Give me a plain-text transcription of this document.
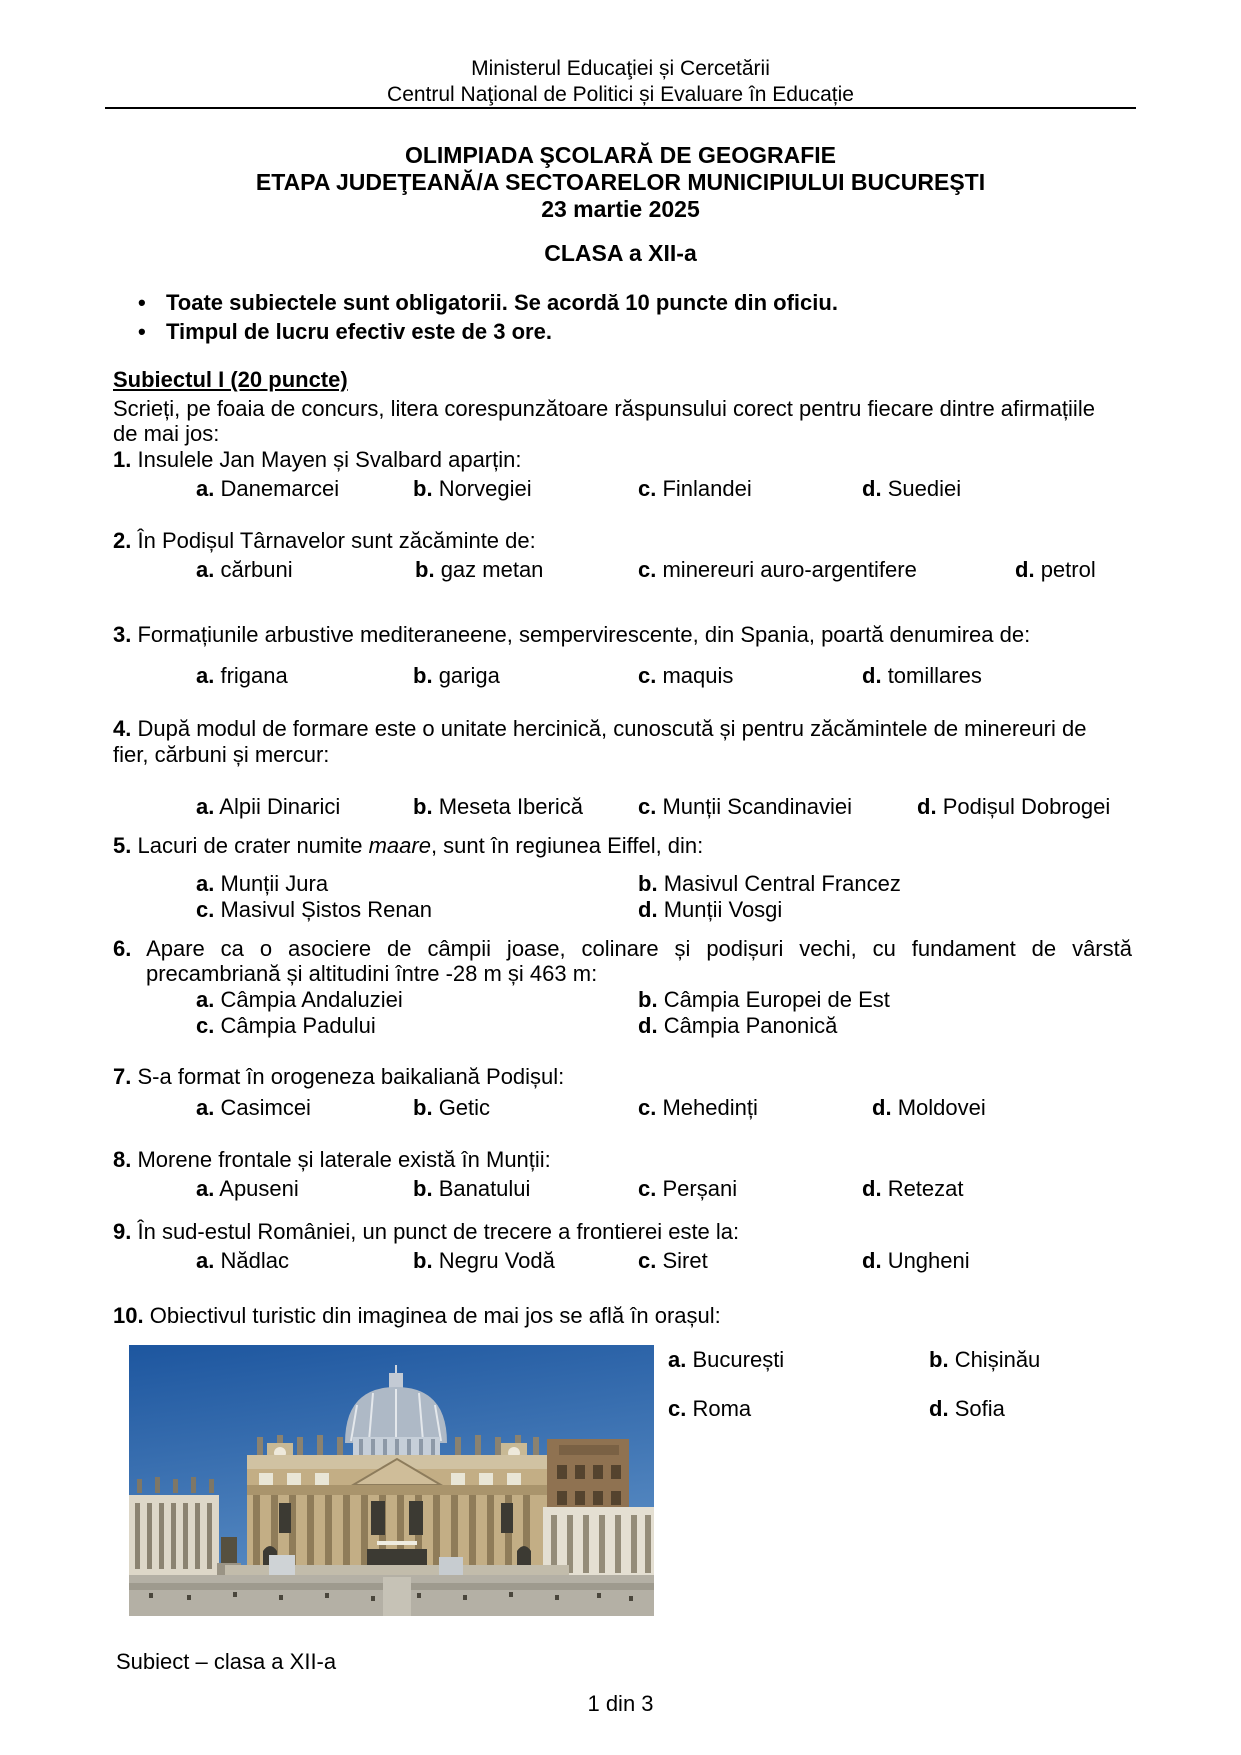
Ministerul Educaţiei și Cercetării
Centrul Naţional de Politici și Evaluare în Educație
OLIMPIADA ŞCOLARĂ DE GEOGRAFIE
ETAPA JUDEŢEANĂ/A SECTOARELOR MUNICIPIULUI BUCUREŞTI
23 martie 2025
CLASA a XII-a
• Toate subiectele sunt obligatorii. Se acordă 10 puncte din oficiu.
• Timpul de lucru efectiv este de 3 ore.
Subiectul I (20 puncte)
Scrieți, pe foaia de concurs, litera corespunzătoare răspunsului corect pentru fiecare dintre afirmațiile
de mai jos:
1. Insulele Jan Mayen și Svalbard aparțin:
a. Danemarcei	b. Norvegiei	c. Finlandei	d. Suediei
2. În Podișul Târnavelor sunt zăcăminte de:
a. cărbuni	b. gaz metan	c. minereuri auro-argentifere	d. petrol
3. Formațiunile arbustive mediteraneene, sempervirescente, din Spania, poartă denumirea de:
a. frigana	b. gariga	c. maquis	d. tomillares
4. După modul de formare este o unitate hercinică, cunoscută și pentru zăcămintele de minereuri de
fier, cărbuni și mercur:
a. Alpii Dinarici	b. Meseta Iberică	c. Munții Scandinaviei	d. Podișul Dobrogei
5. Lacuri de crater numite maare, sunt în regiunea Eiffel, din:
a. Munții Jura	b. Masivul Central Francez
c. Masivul Șistos Renan	d. Munții Vosgi
6. Apare ca o asociere de câmpii joase, colinare și podișuri vechi, cu fundament de vârstă
precambriană și altitudini între -28 m și 463 m:
a. Câmpia Andaluziei	b. Câmpia Europei de Est
c. Câmpia Padului	d. Câmpia Panonică
7. S-a format în orogeneza baikaliană Podișul:
a. Casimcei	b. Getic	c. Mehedinți	d. Moldovei
8. Morene frontale și laterale există în Munții:
a. Apuseni	b. Banatului	c. Perșani	d. Retezat
9. În sud-estul României, un punct de trecere a frontierei este la:
a. Nădlac	b. Negru Vodă	c. Siret	d. Ungheni
10. Obiectivul turistic din imaginea de mai jos se află în orașul:
a. București	b. Chișinău
c. Roma	d. Sofia
Subiect – clasa a XII-a
1 din 3
